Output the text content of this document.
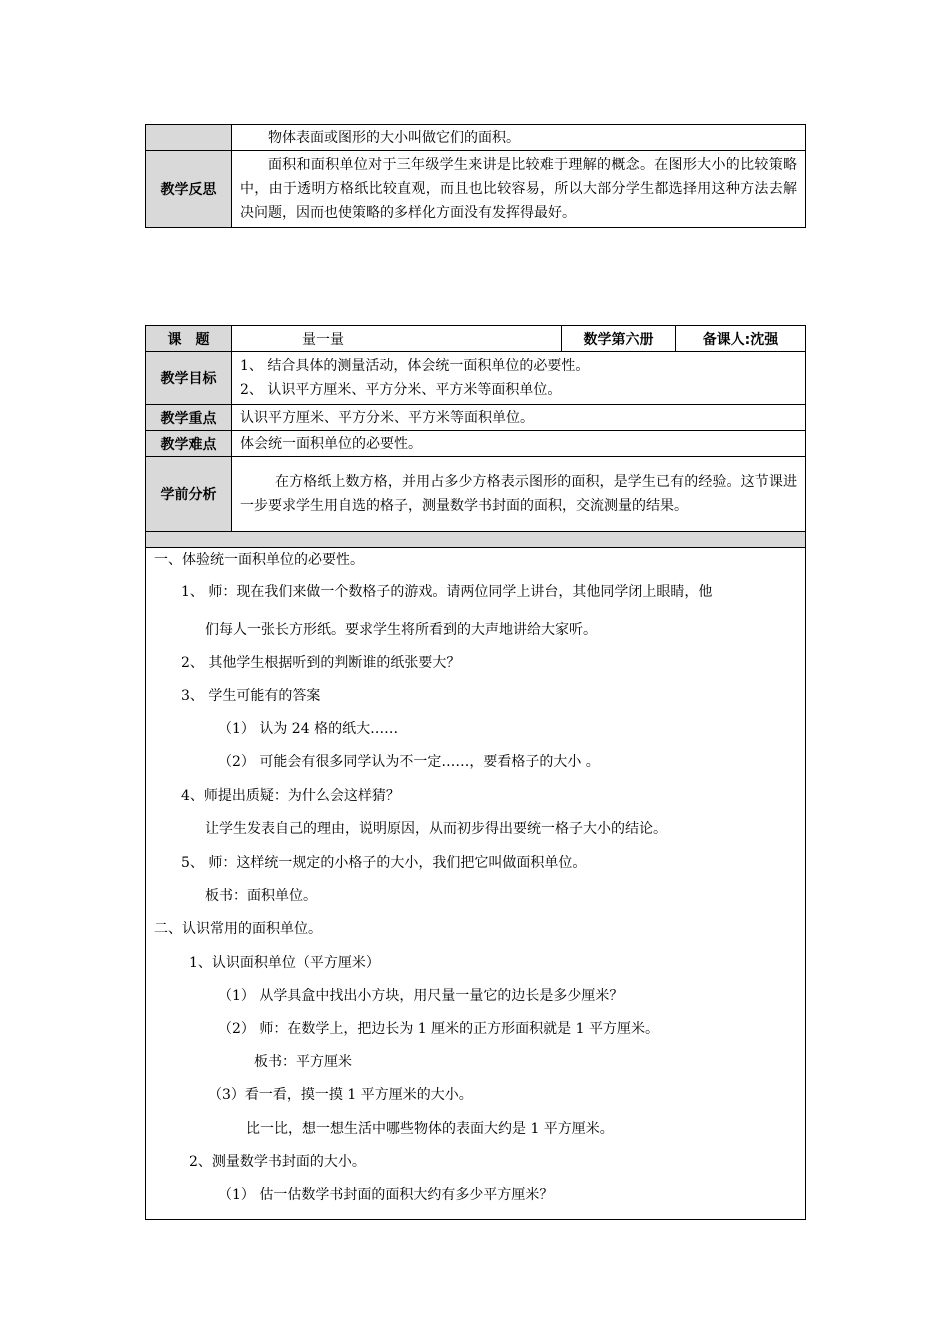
	物体表面或图形的大小叫做它们的面积。
教学反思	面积和面积单位对于三年级学生来讲是比较难于理解的概念。在图形大小的比较策略中，由于透明方格纸比较直观，而且也比较容易，所以大部分学生都选择用这种方法去解决问题，因而也使策略的多样化方面没有发挥得最好。
课　题	量一量	数学第六册	备课人:沈强
教学目标	1、 结合具体的测量活动，体会统一面积单位的必要性。
2、 认识平方厘米、平方分米、平方米等面积单位。		

教学重点	认识平方厘米、平方分米、平方米等面积单位。		
教学难点	体会统一面积单位的必要性。		
学前分析	在方格纸上数方格，并用占多少方格表示图形的面积，是学生已有的经验。这节课进一步要求学生用自选的格子，测量数学书封面的面积，交流测量的结果。		

一、体验统一面积单位的必要性。
1、 师：现在我们来做一个数格子的游戏。请两位同学上讲台，其他同学闭上眼睛，他
们每人一张长方形纸。要求学生将所看到的大声地讲给大家听。
2、 其他学生根据听到的判断谁的纸张要大？
3、 学生可能有的答案
（1） 认为 24 格的纸大……
（2） 可能会有很多同学认为不一定……，要看格子的大小 。
4、师提出质疑：为什么会这样猜？
让学生发表自己的理由，说明原因，从而初步得出要统一格子大小的结论。
5、 师：这样统一规定的小格子的大小，我们把它叫做面积单位。
板书：面积单位。
二、认识常用的面积单位。
1、认识面积单位（平方厘米）
（1） 从学具盒中找出小方块，用尺量一量它的边长是多少厘米？
（2） 师：在数学上，把边长为 1 厘米的正方形面积就是 1 平方厘米。
板书：平方厘米
（3）看一看，摸一摸 1 平方厘米的大小。
比一比，想一想生活中哪些物体的表面大约是 1 平方厘米。
2、测量数学书封面的大小。
（1） 估一估数学书封面的面积大约有多少平方厘米？
